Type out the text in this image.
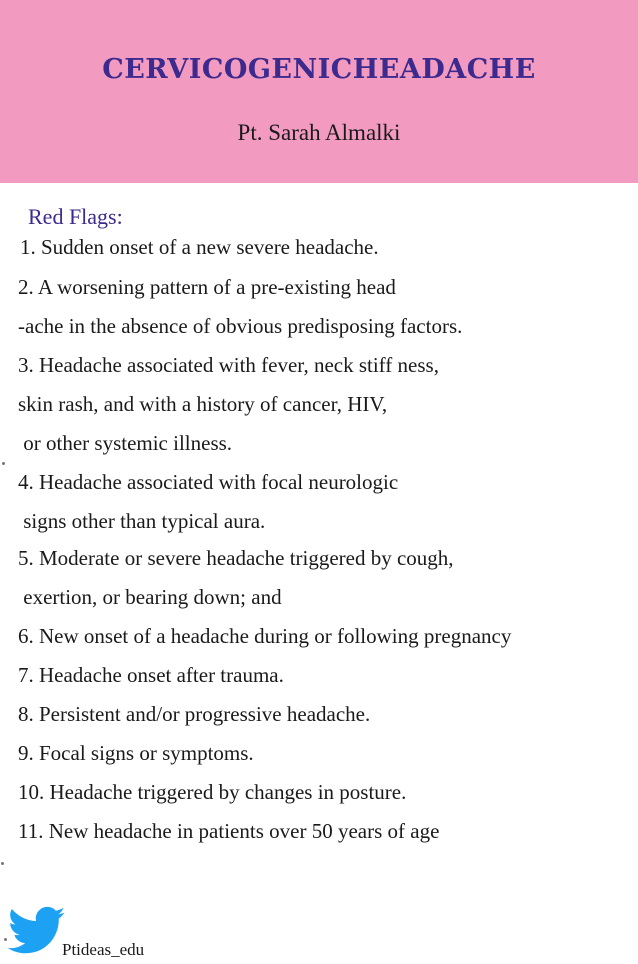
CERVICOGENICHEADACHE

Pt. Sarah Almalki

Red Flags:

1. Sudden onset of a new severe headache.
2. A worsening pattern of a pre-existing head
-ache in the absence of obvious predisposing factors.
3. Headache associated with fever, neck stiff ness,
skin rash, and with a history of cancer, HIV,
or other systemic illness.
4. Headache associated with focal neurologic
signs other than typical aura.
5. Moderate or severe headache triggered by cough,
exertion, or bearing down; and
6. New onset of a headache during or following pregnancy
7. Headache onset after trauma.
8. Persistent and/or progressive headache.
9. Focal signs or symptoms.
10. Headache triggered by changes in posture.
11. New headache in patients over 50 years of age

Ptideas_edu
